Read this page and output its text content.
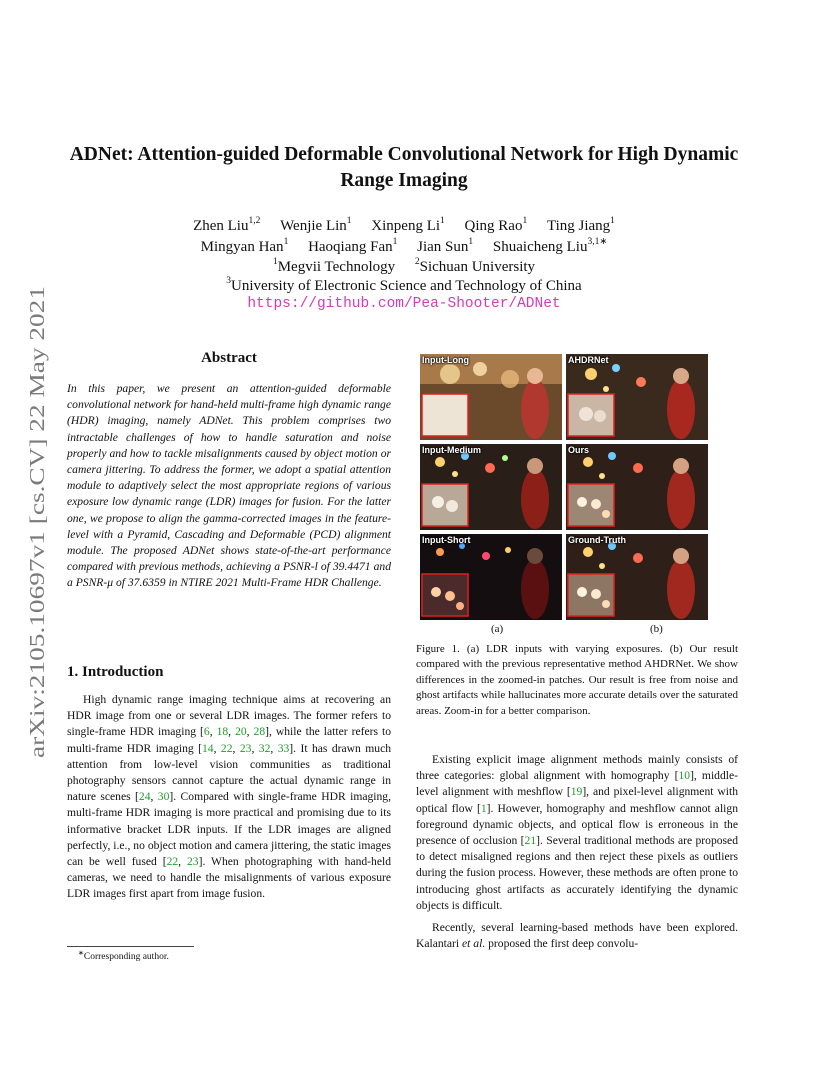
arXiv:2105.10697v1 [cs.CV] 22 May 2021
ADNet: Attention-guided Deformable Convolutional Network for High Dynamic
Range Imaging
Zhen Liu$^{1,2}$ Wenjie Lin$^1$ Xinpeng Li$^1$ Qing Rao$^1$ Ting Jiang$^1$
Mingyan Han$^1$ Haoqiang Fan$^1$ Jian Sun$^1$ Shuaicheng Liu$^{3,1∗}$
$^1$Megvii Technology $^2$Sichuan University
$^3$University of Electronic Science and Technology of China
https://github.com/Pea-Shooter/ADNet
Abstract
In this paper, we present an attention-guided deformable convolutional network for hand-held multi-frame high dynamic range (HDR) imaging, namely ADNet. This problem comprises two intractable challenges of how to handle saturation and noise properly and how to tackle misalignments caused by object motion or camera jittering. To address the former, we adopt a spatial attention module to adaptively select the most appropriate regions of various exposure low dynamic range (LDR) images for fusion. For the latter one, we propose to align the gamma-corrected images in the feature-level with a Pyramid, Cascading and Deformable (PCD) alignment module. The proposed ADNet shows state-of-the-art performance compared with previous methods, achieving a PSNR-l of 39.4471 and a PSNR-μ of 37.6359 in NTIRE 2021 Multi-Frame HDR Challenge.
1. Introduction

High dynamic range imaging technique aims at recovering an HDR image from one or several LDR images. The former refers to single-frame HDR imaging [6, 18, 20, 28], while the latter refers to multi-frame HDR imaging [14, 22, 23, 32, 33]. It has drawn much attention from low-level vision communities as traditional photography sensors cannot capture the actual dynamic range in nature scenes [24, 30]. Compared with single-frame HDR imaging, multi-frame HDR imaging is more practical and promising due to its informative bracket LDR inputs. If the LDR images are aligned perfectly, i.e., no object motion and camera jittering, the static images can be well fused [22, 23]. When photographing with hand-held cameras, we need to handle the misalignments of various exposure LDR images first apart from image fusion.

∗Corresponding author.
Input-Long	AHDRNet
Input-Medium	Ours
Input-Short	Ground-Truth
(a)	(b)
Figure 1. (a) LDR inputs with varying exposures. (b) Our result compared with the previous representative method AHDRNet. We show differences in the zoomed-in patches. Our result is free from noise and ghost artifacts while hallucinates more accurate details over the saturated areas. Zoom-in for a better comparison.

Existing explicit image alignment methods mainly consists of three categories: global alignment with homography [10], middle-level alignment with meshflow [19], and pixel-level alignment with optical flow [1]. However, homography and meshflow cannot align foreground dynamic objects, and optical flow is erroneous in the presence of occlusion [21]. Several traditional methods are proposed to detect misaligned regions and then reject these pixels as outliers during the fusion process. However, these methods are often prone to introducing ghost artifacts as accurately identifying the dynamic objects is difficult.

Recently, several learning-based methods have been explored. Kalantari et al. proposed the first deep convolu-
